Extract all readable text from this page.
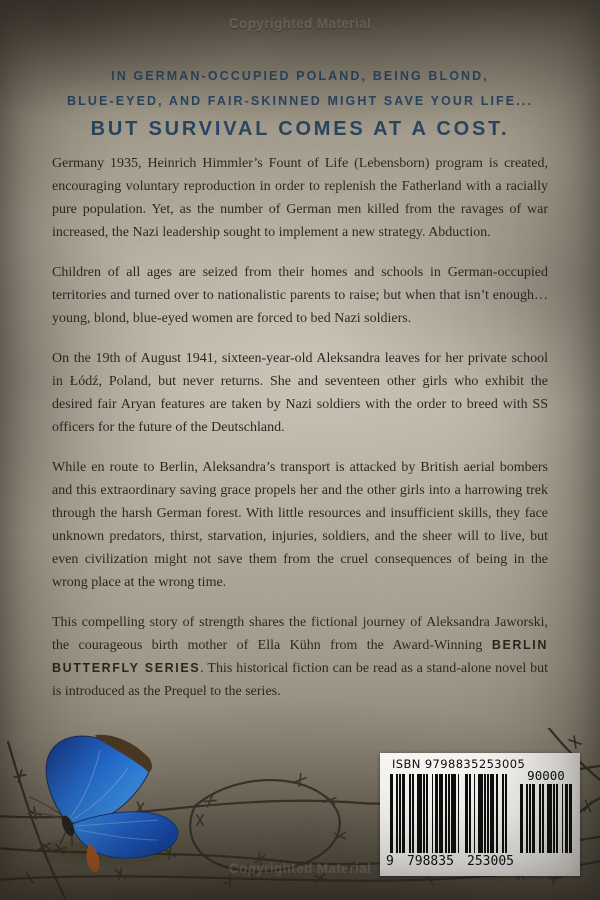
Copyrighted Material
IN GERMAN-OCCUPIED POLAND, BEING BLOND,
BLUE-EYED, AND FAIR-SKINNED MIGHT SAVE YOUR LIFE...
BUT SURVIVAL COMES AT A COST.

Germany 1935, Heinrich Himmler’s Fount of Life (Lebensborn) program is created, encouraging voluntary reproduction in order to replenish the Fatherland with a racially pure population. Yet, as the number of German men killed from the ravages of war increased, the Nazi leadership sought to implement a new strategy. Abduction.

Children of all ages are seized from their homes and schools in German-occupied territories and turned over to nationalistic parents to raise; but when that isn’t enough…young, blond, blue-eyed women are forced to bed Nazi soldiers.

On the 19th of August 1941, sixteen-year-old Aleksandra leaves for her private school in Łódź, Poland, but never returns. She and seventeen other girls who exhibit the desired fair Aryan features are taken by Nazi soldiers with the order to breed with SS officers for the future of the Deutschland.

While en route to Berlin, Aleksandra’s transport is attacked by British aerial bombers and this extraordinary saving grace propels her and the other girls into a harrowing trek through the harsh German forest. With little resources and insufficient skills, they face unknown predators, thirst, starvation, injuries, soldiers, and the sheer will to live, but even civilization might not save them from the cruel consequences of being in the wrong place at the wrong time.

This compelling story of strength shares the fictional journey of Aleksandra Jaworski, the courageous birth mother of Ella Kühn from the Award-Winning BERLIN BUTTERFLY SERIES. This historical fiction can be read as a stand-alone novel but is introduced as the Prequel to the series.

ISBN 9798835253005
9 798835 253005
90000
Copyrighted Material
